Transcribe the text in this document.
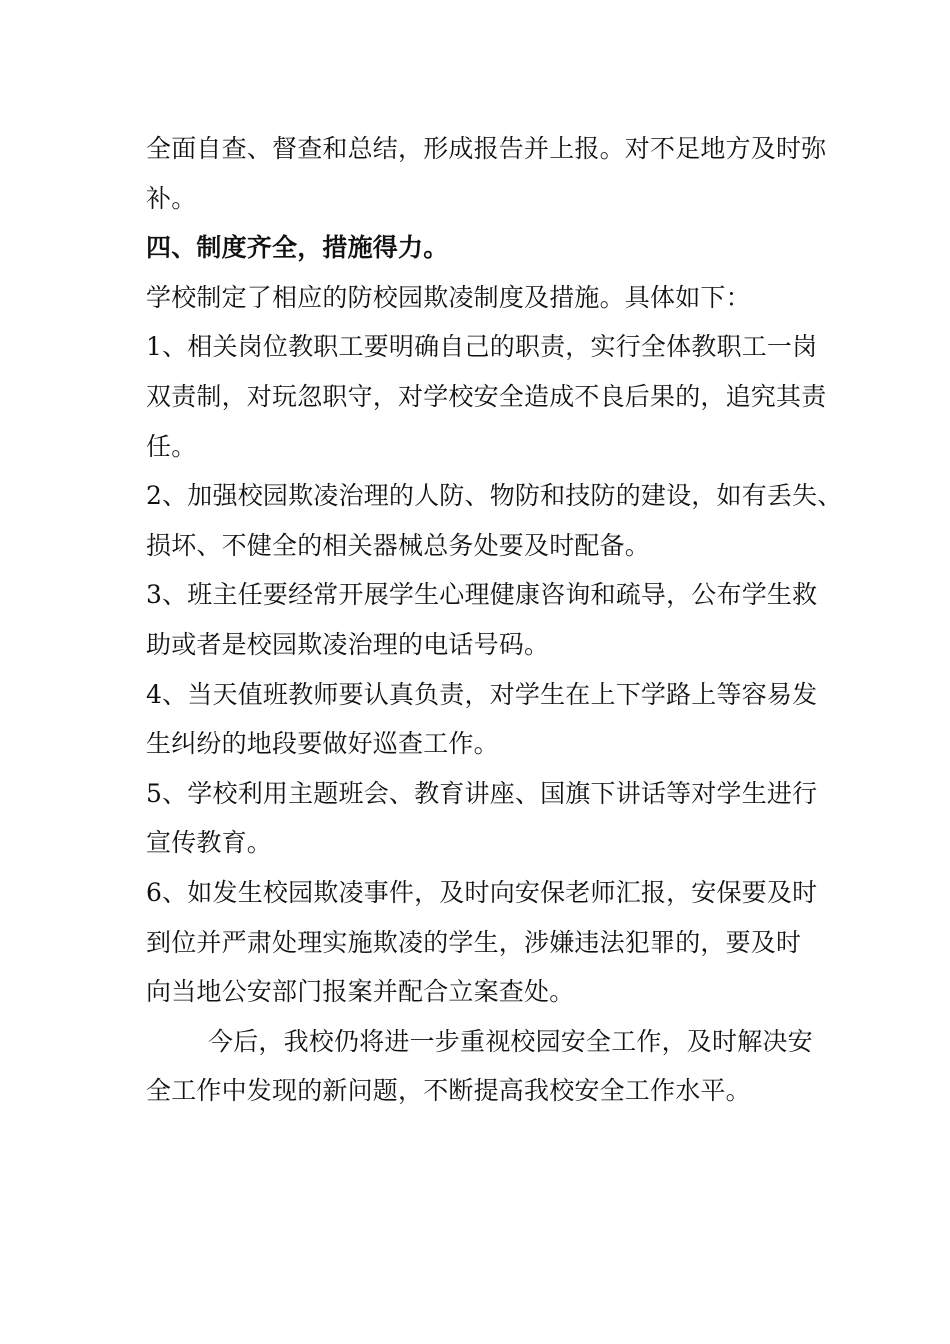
全面自查、督查和总结，形成报告并上报。对不足地方及时弥
补。
四、制度齐全，措施得力。
学校制定了相应的防校园欺凌制度及措施。具体如下：
1、相关岗位教职工要明确自己的职责，实行全体教职工一岗
双责制，对玩忽职守，对学校安全造成不良后果的，追究其责
任。
2、加强校园欺凌治理的人防、物防和技防的建设，如有丢失、
损坏、不健全的相关器械总务处要及时配备。
3、班主任要经常开展学生心理健康咨询和疏导，公布学生救
助或者是校园欺凌治理的电话号码。
4、当天值班教师要认真负责，对学生在上下学路上等容易发
生纠纷的地段要做好巡查工作。
5、学校利用主题班会、教育讲座、国旗下讲话等对学生进行
宣传教育。
6、如发生校园欺凌事件，及时向安保老师汇报，安保要及时
到位并严肃处理实施欺凌的学生，涉嫌违法犯罪的，要及时
向当地公安部门报案并配合立案查处。
今后，我校仍将进一步重视校园安全工作，及时解决安
全工作中发现的新问题，不断提高我校安全工作水平。
